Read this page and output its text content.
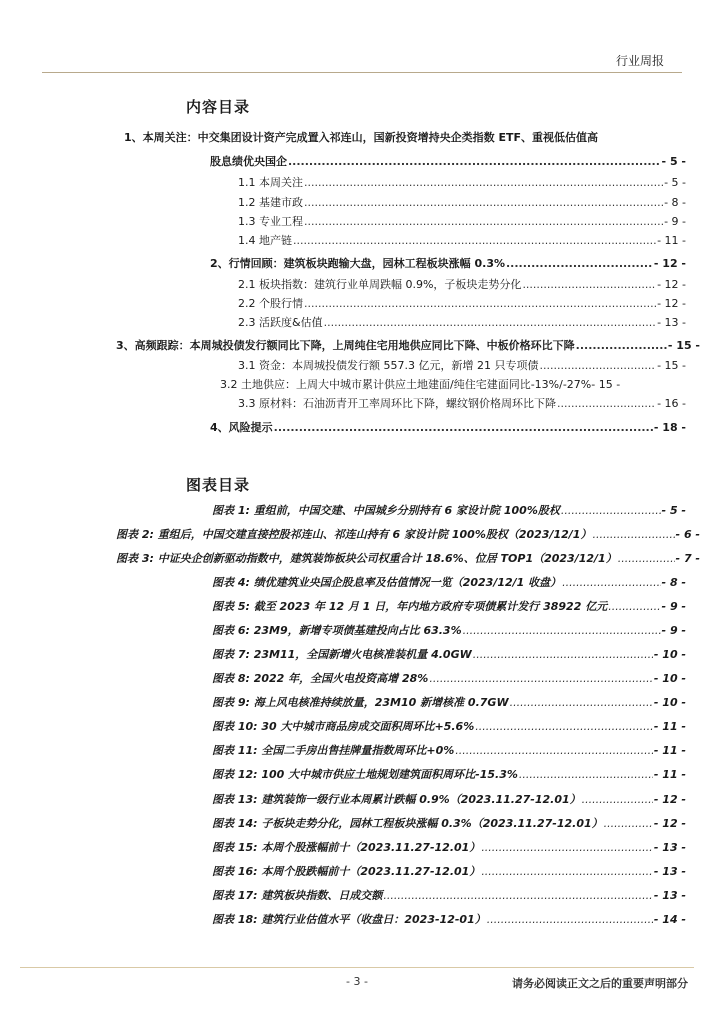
行业周报
内容目录
1、本周关注：中交集团设计资产完成置入祁连山，国新投资增持央企类指数 ETF、重视低估值高
股息绩优央国企 .....	- 5 -
1.1 本周关注 .....	- 5 -
1.2 基建市政 .....	- 8 -
1.3 专业工程 .....	- 9 -
1.4 地产链 .....	- 11 -
2、行情回顾：建筑板块跑输大盘，园林工程板块涨幅 0.3% .....	- 12 -
2.1 板块指数：建筑行业单周跌幅 0.9%，子板块走势分化 .....	- 12 -
2.2 个股行情 .....	- 12 -
2.3 活跃度&估值 .....	- 13 -
3、高频跟踪：本周城投债发行额同比下降，上周纯住宅用地供应同比下降、中板价格环比下降 .....	- 15 -
3.1 资金：本周城投债发行额 557.3 亿元，新增 21 只专项债 .....	- 15 -
3.2 土地供应：上周大中城市累计供应土地建面/纯住宅建面同比-13%/-27% - 15 -
3.3 原材料：石油沥青开工率周环比下降，螺纹钢价格周环比下降 .....	- 16 -
4、风险提示 .....	- 18 -
图表目录
图表 1: 重组前，中国交建、中国城乡分别持有 6 家设计院 100%股权 .....	- 5 -
图表 2: 重组后，中国交建直接控股祁连山、祁连山持有 6 家设计院 100%股权（2023/12/1） .....	- 6 -
图表 3: 中证央企创新驱动指数中，建筑装饰板块公司权重合计 18.6%、位居 TOP1（2023/12/1） .....	- 7 -
图表 4: 绩优建筑业央国企股息率及估值情况一览（2023/12/1 收盘） .....	- 8 -
图表 5: 截至 2023 年 12 月 1 日，年内地方政府专项债累计发行 38922 亿元 .....	- 9 -
图表 6: 23M9，新增专项债基建投向占比 63.3% .....	- 9 -
图表 7: 23M11，全国新增火电核准装机量 4.0GW .....	- 10 -
图表 8: 2022 年，全国火电投资高增 28% .....	- 10 -
图表 9: 海上风电核准持续放量，23M10 新增核准 0.7GW .....	- 10 -
图表 10: 30 大中城市商品房成交面积周环比+5.6% .....	- 11 -
图表 11: 全国二手房出售挂牌量指数周环比+0% .....	- 11 -
图表 12: 100 大中城市供应土地规划建筑面积周环比-15.3% .....	- 11 -
图表 13: 建筑装饰一级行业本周累计跌幅 0.9%（2023.11.27-12.01） .....	- 12 -
图表 14: 子板块走势分化，园林工程板块涨幅 0.3%（2023.11.27-12.01） .....	- 12 -
图表 15: 本周个股涨幅前十（2023.11.27-12.01） .....	- 13 -
图表 16: 本周个股跌幅前十（2023.11.27-12.01） .....	- 13 -
图表 17: 建筑板块指数、日成交额 .....	- 13 -
图表 18: 建筑行业估值水平（收盘日：2023-12-01） .....	- 14 -
- 3 -	请务必阅读正文之后的重要声明部分
